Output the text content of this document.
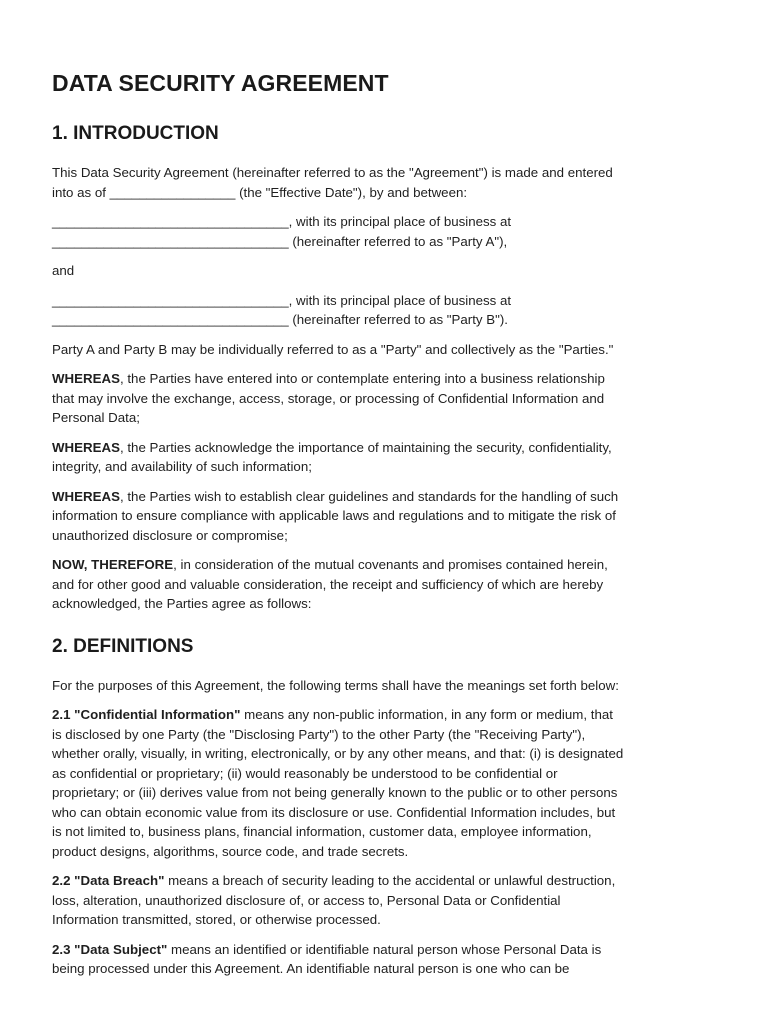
DATA SECURITY AGREEMENT
1. INTRODUCTION

This Data Security Agreement (hereinafter referred to as the "Agreement") is made and entered
into as of _________________ (the "Effective Date"), by and between:

________________________________, with its principal place of business at
________________________________ (hereinafter referred to as "Party A"),

and

________________________________, with its principal place of business at
________________________________ (hereinafter referred to as "Party B").

Party A and Party B may be individually referred to as a "Party" and collectively as the "Parties."

WHEREAS, the Parties have entered into or contemplate entering into a business relationship
that may involve the exchange, access, storage, or processing of Confidential Information and
Personal Data;

WHEREAS, the Parties acknowledge the importance of maintaining the security, confidentiality,
integrity, and availability of such information;

WHEREAS, the Parties wish to establish clear guidelines and standards for the handling of such
information to ensure compliance with applicable laws and regulations and to mitigate the risk of
unauthorized disclosure or compromise;

NOW, THEREFORE, in consideration of the mutual covenants and promises contained herein,
and for other good and valuable consideration, the receipt and sufficiency of which are hereby
acknowledged, the Parties agree as follows:

2. DEFINITIONS

For the purposes of this Agreement, the following terms shall have the meanings set forth below:

2.1 "Confidential Information" means any non-public information, in any form or medium, that
is disclosed by one Party (the "Disclosing Party") to the other Party (the "Receiving Party"),
whether orally, visually, in writing, electronically, or by any other means, and that: (i) is designated
as confidential or proprietary; (ii) would reasonably be understood to be confidential or
proprietary; or (iii) derives value from not being generally known to the public or to other persons
who can obtain economic value from its disclosure or use. Confidential Information includes, but
is not limited to, business plans, financial information, customer data, employee information,
product designs, algorithms, source code, and trade secrets.

2.2 "Data Breach" means a breach of security leading to the accidental or unlawful destruction,
loss, alteration, unauthorized disclosure of, or access to, Personal Data or Confidential
Information transmitted, stored, or otherwise processed.

2.3 "Data Subject" means an identified or identifiable natural person whose Personal Data is
being processed under this Agreement. An identifiable natural person is one who can be
